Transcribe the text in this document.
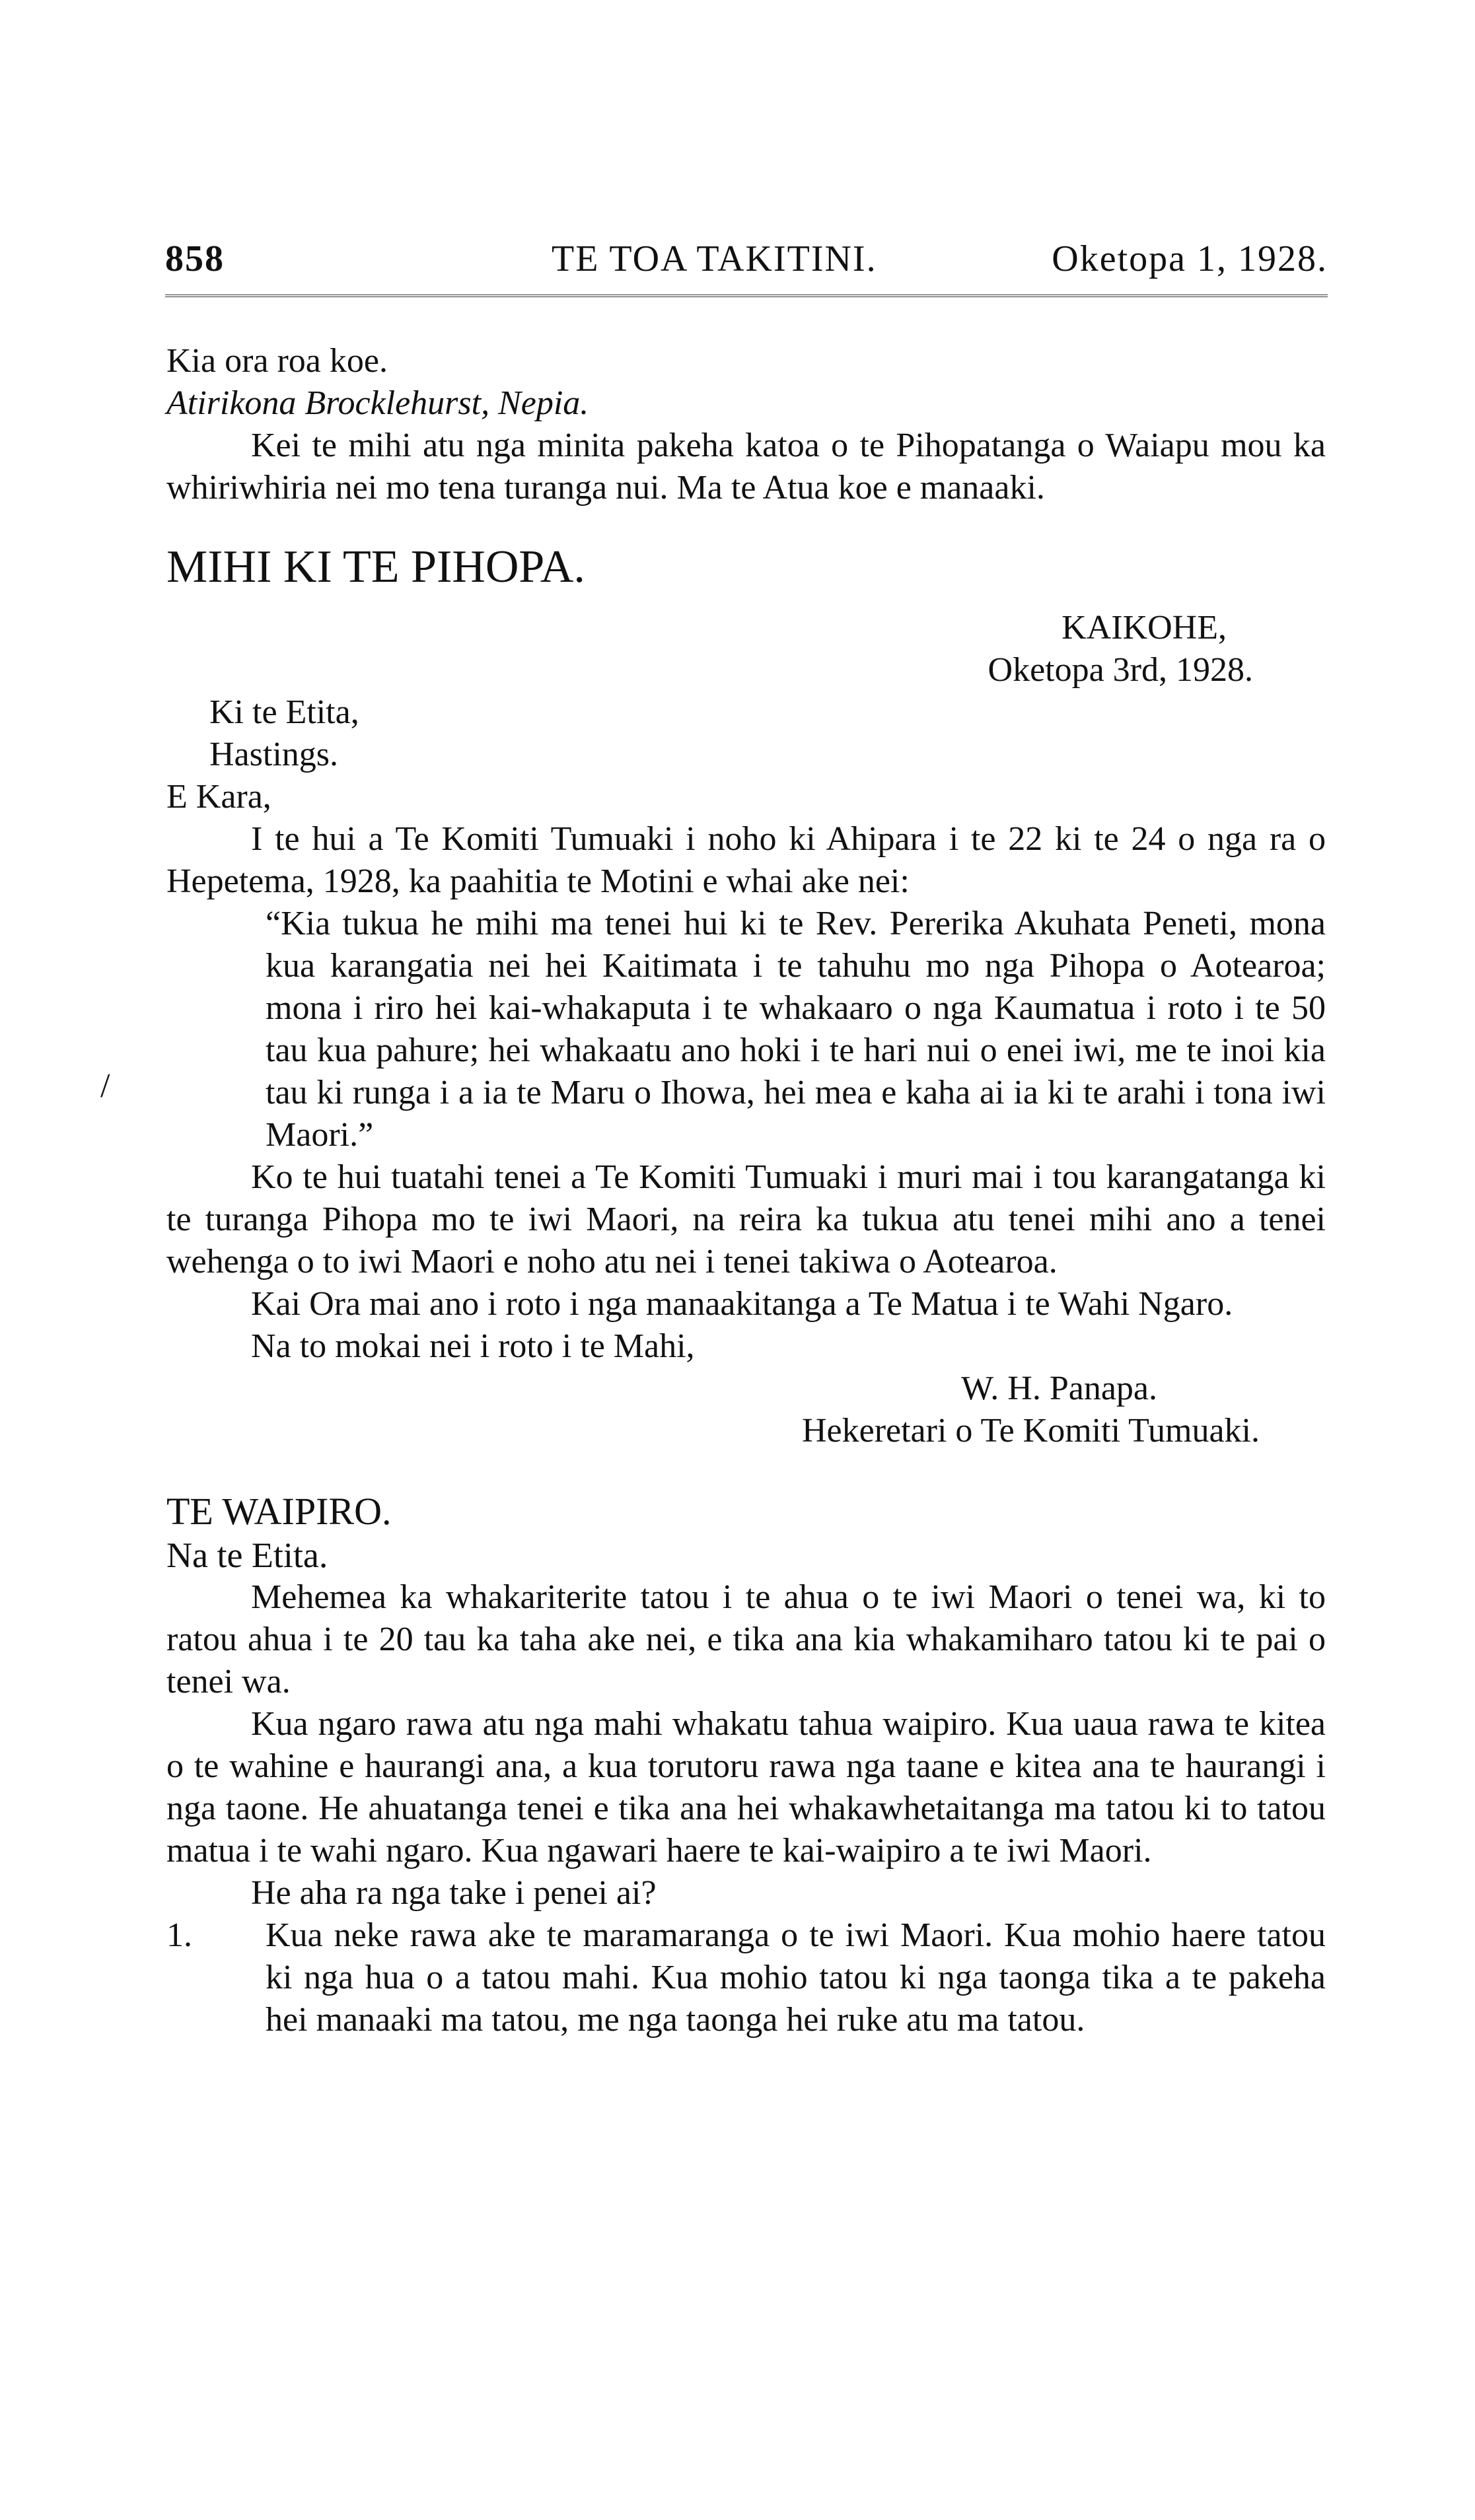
858	TE TOA TAKITINI.	Oketopa 1, 1928.
/

Kia ora roa koe.

Atirikona Brocklehurst, Nepia.

Kei te mihi atu nga minita pakeha katoa o te Pihopatanga o Waiapu mou ka whiriwhiria nei mo tena turanga nui. Ma te Atua koe e manaaki.

MIHI KI TE PIHOPA.

KAIKOHE,

Oketopa 3rd, 1928.

Ki te Etita,

Hastings.

E Kara,

I te hui a Te Komiti Tumuaki i noho ki Ahipara i te 22 ki te 24 o nga ra o Hepetema, 1928, ka paahitia te Motini e whai ake nei:

“Kia tukua he mihi ma tenei hui ki te Rev. Pererika Akuhata Peneti, mona kua karangatia nei hei Kaitimata i te tahuhu mo nga Pihopa o Aotearoa; mona i riro hei kai-whakaputa i te whakaaro o nga Kaumatua i roto i te 50 tau kua pahure; hei whakaatu ano hoki i te hari nui o enei iwi, me te inoi kia tau ki runga i a ia te Maru o Ihowa, hei mea e kaha ai ia ki te arahi i tona iwi Maori.”

Ko te hui tuatahi tenei a Te Komiti Tumuaki i muri mai i tou karangatanga ki te turanga Pihopa mo te iwi Maori, na reira ka tukua atu tenei mihi ano a tenei wehenga o to iwi Maori e noho atu nei i tenei takiwa o Aotearoa.

Kai Ora mai ano i roto i nga manaakitanga a Te Matua i te Wahi Ngaro.

Na to mokai nei i roto i te Mahi,

W. H. Panapa.

Hekeretari o Te Komiti Tumuaki.

TE WAIPIRO.

Na te Etita.

Mehemea ka whakariterite tatou i te ahua o te iwi Maori o tenei wa, ki to ratou ahua i te 20 tau ka taha ake nei, e tika ana kia whakamiharo tatou ki te pai o tenei wa.

Kua ngaro rawa atu nga mahi whakatu tahua waipiro. Kua uaua rawa te kitea o te wahine e haurangi ana, a kua torutoru rawa nga taane e kitea ana te haurangi i nga taone. He ahuatanga tenei e tika ana hei whakawhetaitanga ma tatou ki to tatou matua i te wahi ngaro. Kua ngawari haere te kai-waipiro a te iwi Maori.

He aha ra nga take i penei ai?

1. Kua neke rawa ake te maramaranga o te iwi Maori. Kua mohio haere tatou ki nga hua o a tatou mahi. Kua mohio tatou ki nga taonga tika a te pakeha hei manaaki ma tatou, me nga taonga hei ruke atu ma tatou.
